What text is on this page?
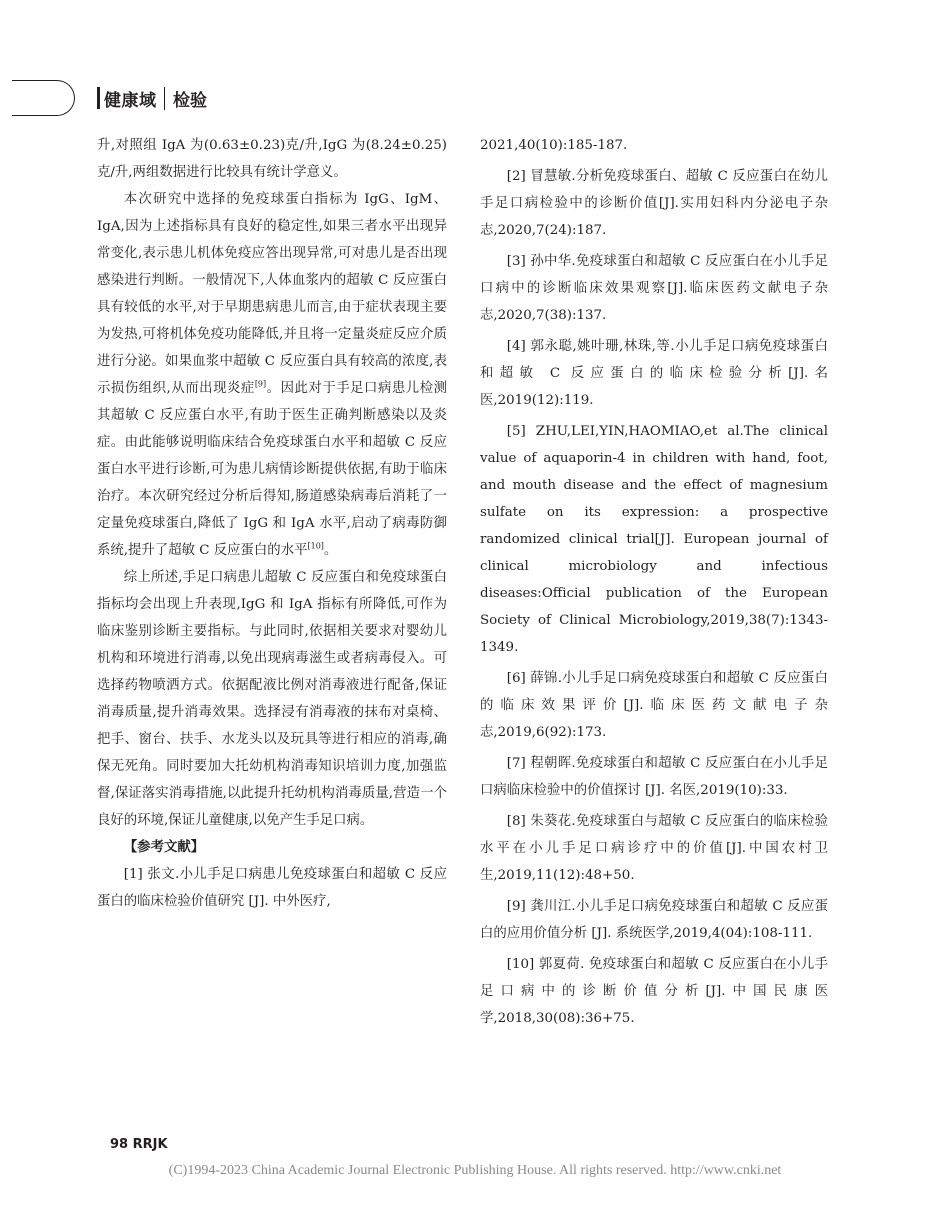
健康域 检验

升,对照组 IgA 为(0.63±0.23)克/升,IgG 为(8.24±0.25)克/升,两组数据进行比较具有统计学意义。

本次研究中选择的免疫球蛋白指标为 IgG、IgM、IgA,因为上述指标具有良好的稳定性,如果三者水平出现异常变化,表示患儿机体免疫应答出现异常,可对患儿是否出现感染进行判断。一般情况下,人体血浆内的超敏 C 反应蛋白具有较低的水平,对于早期患病患儿而言,由于症状表现主要为发热,可将机体免疫功能降低,并且将一定量炎症反应介质进行分泌。如果血浆中超敏 C 反应蛋白具有较高的浓度,表示损伤组织,从而出现炎症[9]。因此对于手足口病患儿检测其超敏 C 反应蛋白水平,有助于医生正确判断感染以及炎症。由此能够说明临床结合免疫球蛋白水平和超敏 C 反应蛋白水平进行诊断,可为患儿病情诊断提供依据,有助于临床治疗。本次研究经过分析后得知,肠道感染病毒后消耗了一定量免疫球蛋白,降低了 IgG 和 IgA 水平,启动了病毒防御系统,提升了超敏 C 反应蛋白的水平[10]。

综上所述,手足口病患儿超敏 C 反应蛋白和免疫球蛋白指标均会出现上升表现,IgG 和 IgA 指标有所降低,可作为临床鉴别诊断主要指标。与此同时,依据相关要求对婴幼儿机构和环境进行消毒,以免出现病毒滋生或者病毒侵入。可选择药物喷洒方式。依据配液比例对消毒液进行配备,保证消毒质量,提升消毒效果。选择浸有消毒液的抹布对桌椅、把手、窗台、扶手、水龙头以及玩具等进行相应的消毒,确保无死角。同时要加大托幼机构消毒知识培训力度,加强监督,保证落实消毒措施,以此提升托幼机构消毒质量,营造一个良好的环境,保证儿童健康,以免产生手足口病。

【参考文献】

[1] 张文.小儿手足口病患儿免疫球蛋白和超敏 C 反应蛋白的临床检验价值研究 [J]. 中外医疗,

2021,40(10):185-187.

[2] 冒慧敏.分析免疫球蛋白、超敏 C 反应蛋白在幼儿手足口病检验中的诊断价值[J].实用妇科内分泌电子杂志,2020,7(24):187.

[3] 孙中华.免疫球蛋白和超敏 C 反应蛋白在小儿手足口病中的诊断临床效果观察[J].临床医药文献电子杂志,2020,7(38):137.

[4] 郭永聪,姚叶珊,林珠,等.小儿手足口病免疫球蛋白和超敏 C 反应蛋白的临床检验分析[J].名医,2019(12):119.

[5] ZHU,LEI,YIN,HAOMIAO,et al.The clinical value of aquaporin-4 in children with hand, foot, and mouth disease and the effect of magnesium sulfate on its expression: a prospective randomized clinical trial[J]. European journal of clinical microbiology and infectious diseases:Official publication of the European Society of Clinical Microbiology,2019,38(7):1343-1349.

[6] 薛锦.小儿手足口病免疫球蛋白和超敏 C 反应蛋白的临床效果评价[J].临床医药文献电子杂志,2019,6(92):173.

[7] 程朝晖.免疫球蛋白和超敏 C 反应蛋白在小儿手足口病临床检验中的价值探讨 [J]. 名医,2019(10):33.

[8] 朱葵花.免疫球蛋白与超敏 C 反应蛋白的临床检验水平在小儿手足口病诊疗中的价值[J].中国农村卫生,2019,11(12):48+50.

[9] 龚川江.小儿手足口病免疫球蛋白和超敏 C 反应蛋白的应用价值分析 [J]. 系统医学,2019,4(04):108-111.

[10] 郭夏荷. 免疫球蛋白和超敏 C 反应蛋白在小儿手足口病中的诊断价值分析[J].中国民康医学,2018,30(08):36+75.

98 RRJK
(C)1994-2023 China Academic Journal Electronic Publishing House. All rights reserved. http://www.cnki.net
